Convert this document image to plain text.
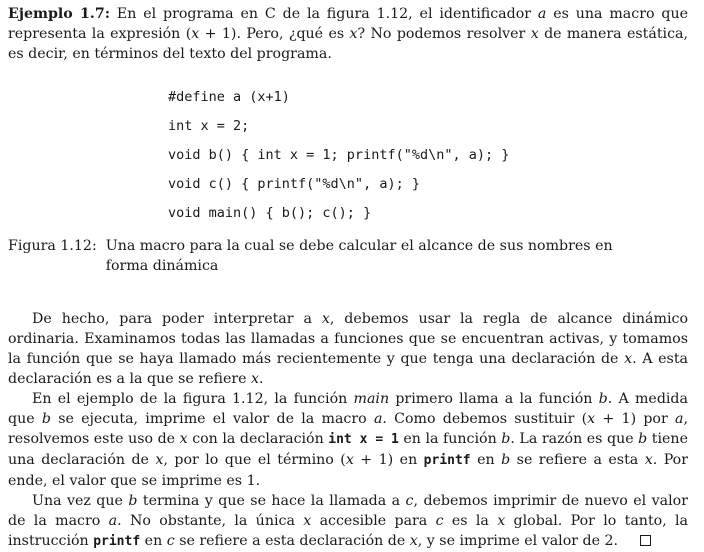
Ejemplo 1.7: En el programa en C de la figura 1.12, el identificador a es una macro que representa la expresión (x + 1). Pero, ¿qué es x? No podemos resolver x de manera estática, es decir, en términos del texto del programa.

#define a (x+1)
int x = 2;
void b() { int x = 1; printf("%d\n", a); }
void c() { printf("%d\n", a); }
void main() { b(); c(); }
Figura 1.12: Una macro para la cual se debe calcular el alcance de sus nombres en forma dinámica

De hecho, para poder interpretar a x, debemos usar la regla de alcance dinámico ordinaria. Examinamos todas las llamadas a funciones que se encuentran activas, y tomamos la función que se haya llamado más recientemente y que tenga una declaración de x. A esta declaración es a la que se refiere x.

En el ejemplo de la figura 1.12, la función main primero llama a la función b. A medida que b se ejecuta, imprime el valor de la macro a. Como debemos sustituir (x + 1) por a, resolvemos este uso de x con la declaración int x = 1 en la función b. La razón es que b tiene una declaración de x, por lo que el término (x + 1) en printf en b se refiere a esta x. Por ende, el valor que se imprime es 1.

Una vez que b termina y que se hace la llamada a c, debemos imprimir de nuevo el valor de la macro a. No obstante, la única x accesible para c es la x global. Por lo tanto, la instrucción printf en c se refiere a esta declaración de x, y se imprime el valor de 2.
